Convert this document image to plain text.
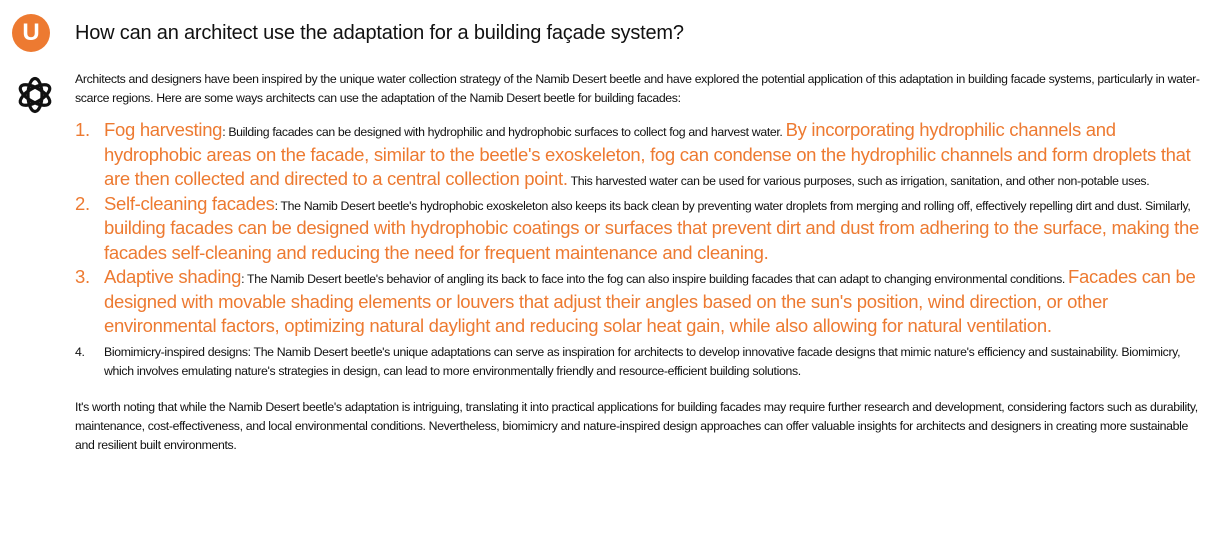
U	How can an architect use the adaptation for a building façade system?

Architects and designers have been inspired by the unique water collection strategy of the Namib Desert beetle and have explored the potential application of this adaptation in building facade systems, particularly in water-scarce regions. Here are some ways architects can use the adaptation of the Namib Desert beetle for building facades:

1. Fog harvesting: Building facades can be designed with hydrophilic and hydrophobic surfaces to collect fog and harvest water. By incorporating hydrophilic channels and hydrophobic areas on the facade, similar to the beetle's exoskeleton, fog can condense on the hydrophilic channels and form droplets that are then collected and directed to a central collection point. This harvested water can be used for various purposes, such as irrigation, sanitation, and other non-potable uses.
2. Self-cleaning facades: The Namib Desert beetle's hydrophobic exoskeleton also keeps its back clean by preventing water droplets from merging and rolling off, effectively repelling dirt and dust. Similarly, building facades can be designed with hydrophobic coatings or surfaces that prevent dirt and dust from adhering to the surface, making the facades self-cleaning and reducing the need for frequent maintenance and cleaning.
3. Adaptive shading: The Namib Desert beetle's behavior of angling its back to face into the fog can also inspire building facades that can adapt to changing environmental conditions. Facades can be designed with movable shading elements or louvers that adjust their angles based on the sun's position, wind direction, or other environmental factors, optimizing natural daylight and reducing solar heat gain, while also allowing for natural ventilation.
4. Biomimicry-inspired designs: The Namib Desert beetle's unique adaptations can serve as inspiration for architects to develop innovative facade designs that mimic nature's efficiency and sustainability. Biomimicry, which involves emulating nature's strategies in design, can lead to more environmentally friendly and resource-efficient building solutions.

It's worth noting that while the Namib Desert beetle's adaptation is intriguing, translating it into practical applications for building facades may require further research and development, considering factors such as durability, maintenance, cost-effectiveness, and local environmental conditions. Nevertheless, biomimicry and nature-inspired design approaches can offer valuable insights for architects and designers in creating more sustainable and resilient built environments.
